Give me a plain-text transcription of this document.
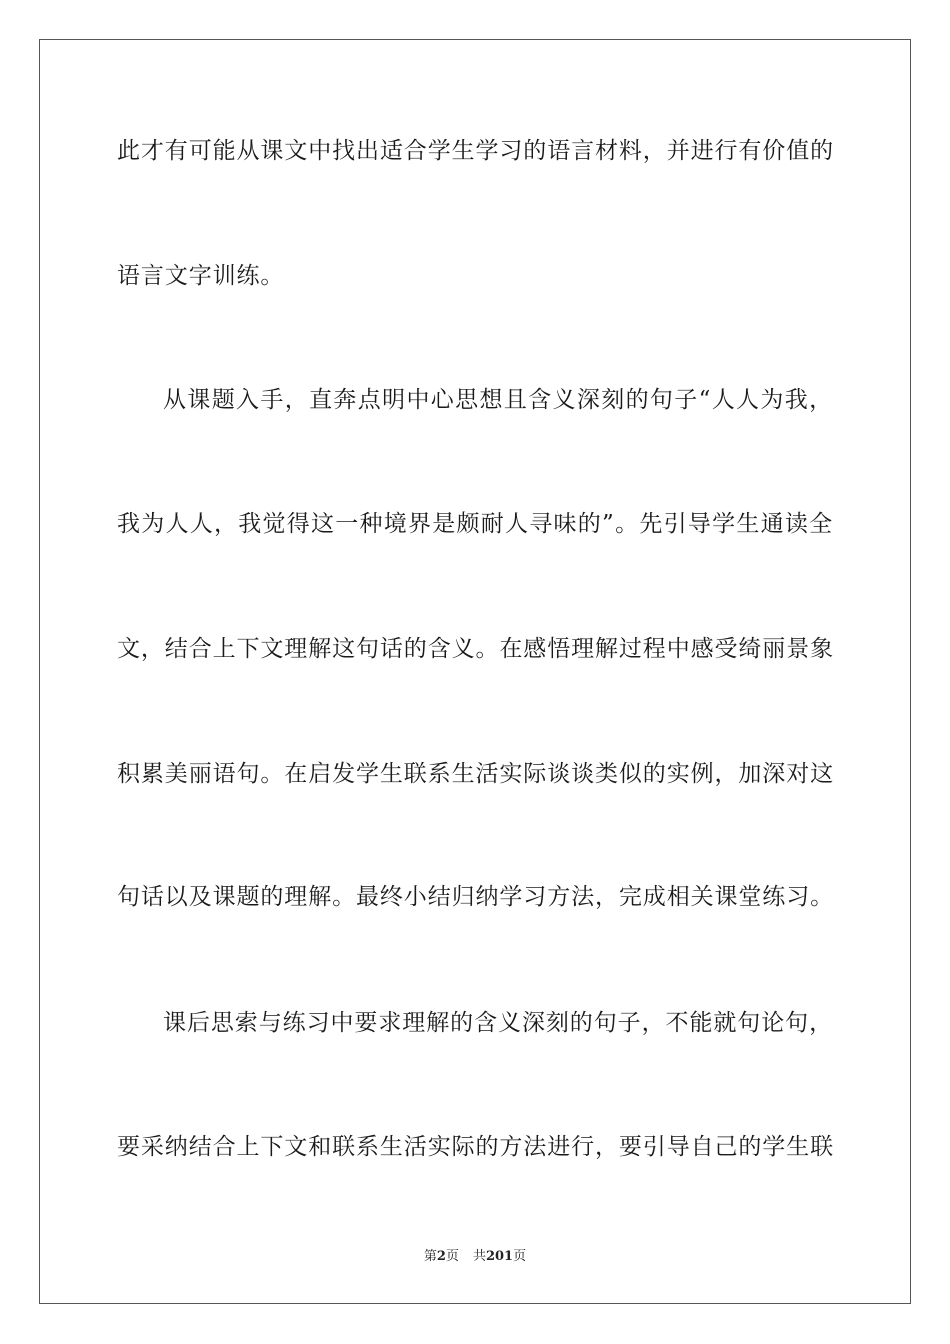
此才有可能从课文中找出适合学生学习的语言材料，并进行有价值的
语言文字训练。
从课题入手，直奔点明中心思想且含义深刻的句子“人人为我，
我为人人，我觉得这一种境界是颇耐人寻味的”。先引导学生通读全
文，结合上下文理解这句话的含义。在感悟理解过程中感受绮丽景象
积累美丽语句。在启发学生联系生活实际谈谈类似的实例，加深对这
句话以及课题的理解。最终小结归纳学习方法，完成相关课堂练习。
课后思索与练习中要求理解的含义深刻的句子，不能就句论句，
要采纳结合上下文和联系生活实际的方法进行，要引导自己的学生联
第2页 共201页
